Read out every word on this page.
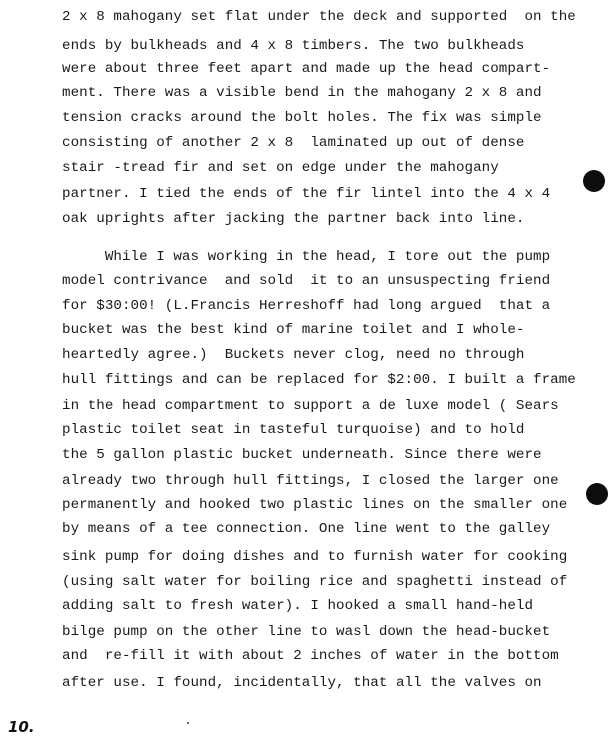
2 x 8 mahogany set flat under the deck and supported  on the
ends by bulkheads and 4 x 8 timbers. The two bulkheads
were about three feet apart and made up the head compart-
ment. There was a visible bend in the mahogany 2 x 8 and
tension cracks around the bolt holes. The fix was simple
consisting of another 2 x 8  laminated up out of dense
stair -tread fir and set on edge under the mahogany
partner. I tied the ends of the fir lintel into the 4 x 4
oak uprights after jacking the partner back into line.
While I was working in the head, I tore out the pump
model contrivance  and sold  it to an unsuspecting friend
for $30:00! (L.Francis Herreshoff had long argued  that a
bucket was the best kind of marine toilet and I whole-
heartedly agree.)  Buckets never clog, need no through
hull fittings and can be replaced for $2:00. I built a frame
in the head compartment to support a de luxe model ( Sears
plastic toilet seat in tasteful turquoise) and to hold
the 5 gallon plastic bucket underneath. Since there were
already two through hull fittings, I closed the larger one
permanently and hooked two plastic lines on the smaller one
by means of a tee connection. One line went to the galley
sink pump for doing dishes and to furnish water for cooking
(using salt water for boiling rice and spaghetti instead of
adding salt to fresh water). I hooked a small hand-held
bilge pump on the other line to wasl down the head-bucket
and  re-fill it with about 2 inches of water in the bottom
after use. I found, incidentally, that all the valves on
10.
